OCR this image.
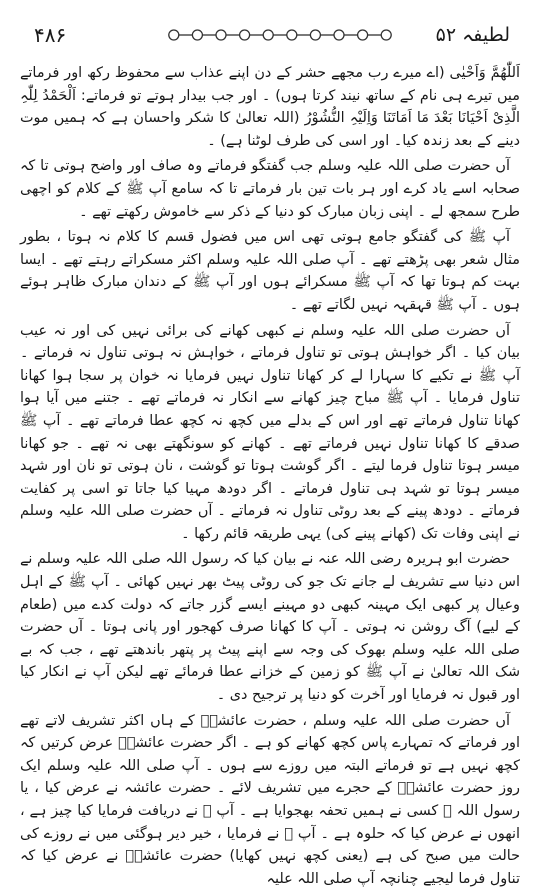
۴۸۶	لطیفہ ۵۲

اَللّٰھُمَّ وَاَحْیٰی (اے میرے رب مجھے حشر کے دن اپنے عذاب سے محفوظ رکھ اور فرماتے میں تیرے ہی نام کے ساتھ نیند کرتا ہوں) ۔ اور جب بیدار ہوتے تو فرماتے: اَلْحَمْدُ لِلّٰہِ الَّذِیْ اَحْیَانَا بَعْدَ مَا اَمَاتَنَا وَاِلَیْہِ النُّشُوْرُ (اللہ تعالیٰ کا شکر واحسان ہے کہ ہمیں موت دینے کے بعد زندہ کیا۔ اور اسی کی طرف لوٹنا ہے) ۔

آں حضرت صلی اللہ علیہ وسلم جب گفتگو فرماتے وہ صاف اور واضح ہوتی تا کہ صحابہ اسے یاد کرے اور ہر بات تین بار فرماتے تا کہ سامع آپ ﷺ کے کلام کو اچھی طرح سمجھ لے ۔ اپنی زبان مبارک کو دنیا کے ذکر سے خاموش رکھتے تھے ۔

آپ ﷺ کی گفتگو جامع ہوتی تھی اس میں فضول قسم کا کلام نہ ہوتا ، بطور مثال شعر بھی پڑھتے تھے ۔ آپ صلی اللہ علیہ وسلم اکثر مسکراتے رہتے تھے ۔ ایسا بہت کم ہوتا تھا کہ آپ ﷺ مسکرائے ہوں اور آپ ﷺ کے دندان مبارک ظاہر ہوئے ہوں ۔ آپ ﷺ قہقہہ نہیں لگاتے تھے ۔

آں حضرت صلی اللہ علیہ وسلم نے کبھی کھانے کی برائی نہیں کی اور نہ عیب بیان کیا ۔ اگر خواہش ہوتی تو تناول فرماتے ، خواہش نہ ہوتی تناول نہ فرماتے ۔ آپ ﷺ نے تکیے کا سہارا لے کر کھانا تناول نہیں فرمایا نہ خوان پر سجا ہوا کھانا تناول فرمایا ۔ آپ ﷺ مباح چیز کھانے سے انکار نہ فرماتے تھے ۔ جتنے میں آیا ہوا کھانا تناول فرماتے تھے اور اس کے بدلے میں کچھ نہ کچھ عطا فرماتے تھے ۔ آپ ﷺ صدقے کا کھانا تناول نہیں فرماتے تھے ۔ کھانے کو سونگھتے بھی نہ تھے ۔ جو کھانا میسر ہوتا تناول فرما لیتے ۔ اگر گوشت ہوتا تو گوشت ، نان ہوتی تو نان اور شہد میسر ہوتا تو شہد ہی تناول فرماتے ۔ اگر دودھ مہیا کیا جاتا تو اسی پر کفایت فرماتے ۔ دودھ پینے کے بعد روٹی تناول نہ فرماتے ۔ آں حضرت صلی اللہ علیہ وسلم نے اپنی وفات تک (کھانے پینے کی) یہی طریقہ قائم رکھا ۔

حضرت ابو ہریرہ رضی اللہ عنہ نے بیان کیا کہ رسول اللہ صلی اللہ علیہ وسلم نے اس دنیا سے تشریف لے جانے تک جو کی روٹی پیٹ بھر نہیں کھائی ۔ آپ ﷺ کے اہل وعیال پر کبھی ایک مہینہ کبھی دو مہینے ایسے گزر جاتے کہ دولت کدے میں (طعام کے لیے) آگ روشن نہ ہوتی ۔ آپ کا کھانا صرف کھجور اور پانی ہوتا ۔ آں حضرت صلی اللہ علیہ وسلم بھوک کی وجہ سے اپنے پیٹ پر پتھر باندھتے تھے ، جب کہ بے شک اللہ تعالیٰ نے آپ ﷺ کو زمین کے خزانے عطا فرمائے تھے لیکن آپ نے انکار کیا اور قبول نہ فرمایا اور آخرت کو دنیا پر ترجیح دی ۔

آں حضرت صلی اللہ علیہ وسلم ، حضرت عائشہؓ کے ہاں اکثر تشریف لاتے تھے اور فرماتے کہ تمہارے پاس کچھ کھانے کو ہے ۔ اگر حضرت عائشہؓ عرض کرتیں کہ کچھ نہیں ہے تو فرماتے البتہ میں روزے سے ہوں ۔ آپ صلی اللہ علیہ وسلم ایک روز حضرت عائشہؓ کے حجرے میں تشریف لائے ۔ حضرت عائشہ نے عرض کیا ، یا رسول اللہ ﷺ کسی نے ہمیں تحفہ بھجوایا ہے ۔ آپ ﷺ نے دریافت فرمایا کیا چیز ہے ، انھوں نے عرض کیا کہ حلوہ ہے ۔ آپ ﷺ نے فرمایا ، خیر دیر ہوگئی میں نے روزے کی حالت میں صبح کی ہے (یعنی کچھ نہیں کھایا) حضرت عائشہؓ نے عرض کیا کہ تناول فرما لیجیے چنانچہ آپ صلی اللہ علیہ
